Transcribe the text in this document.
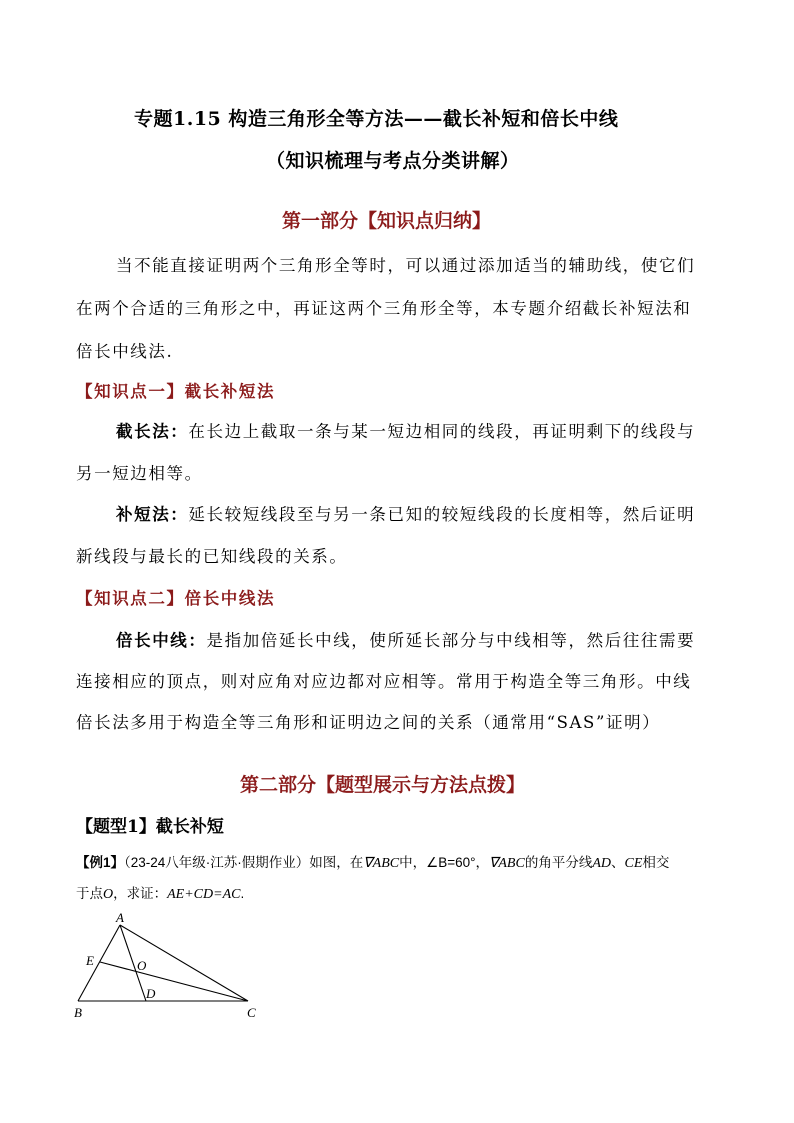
专题1.15 构造三角形全等方法——截长补短和倍长中线
（知识梳理与考点分类讲解）
第一部分【知识点归纳】
当不能直接证明两个三角形全等时，可以通过添加适当的辅助线，使它们
在两个合适的三角形之中，再证这两个三角形全等，本专题介绍截长补短法和
倍长中线法.
【知识点一】截长补短法
截长法：在长边上截取一条与某一短边相同的线段，再证明剩下的线段与
另一短边相等。
补短法：延长较短线段至与另一条已知的较短线段的长度相等，然后证明
新线段与最长的已知线段的关系。
【知识点二】倍长中线法
倍长中线：是指加倍延长中线，使所延长部分与中线相等，然后往往需要
连接相应的顶点，则对应角对应边都对应相等。常用于构造全等三角形。中线
倍长法多用于构造全等三角形和证明边之间的关系（通常用“SAS”证明）
第二部分【题型展示与方法点拨】
【题型1】截长补短
【例1】（23-24八年级·江苏·假期作业）如图，在∇ABC中，∠B=60°，∇ABC的角平分线AD、CE相交
于点O，求证：AE+CD=AC.
A
B	C
D
E	O
